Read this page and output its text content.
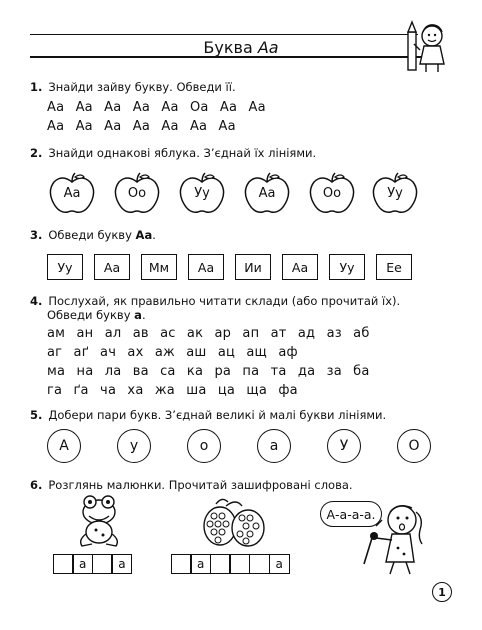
Буква Аа
1. Знайди зайву букву. Обведи її.
Аа Аа Аа Аа Аа Оа Аа Аа
Аа Аа Аа Аа Аа Аа Аа
2. Знайди однакові яблука. З’єднай їх лініями.
Аа	Оо	Уу	Аа	Оо	Уу
3. Обведи букву Аа.
Уу	Аа	Мм	Аа	Ии	Аа	Уу	Ее
4. Послухай, як правильно читати склади (або прочитай їх).
Обведи букву а.
ам ан ал ав ас ак ар ап ат ад аз аб
аг аґ ач ах аж аш ац ащ аф
ма на ла ва са ка ра па та да за ба
га ґа ча ха жа ша ца ща фа
5. Добери пари букв. З’єднай великі й малі букви лініями.
А	у	о	а	У	О
6. Розглянь малюнки. Прочитай зашифровані слова.
А-а-а-а.
а	а	а	а
1
